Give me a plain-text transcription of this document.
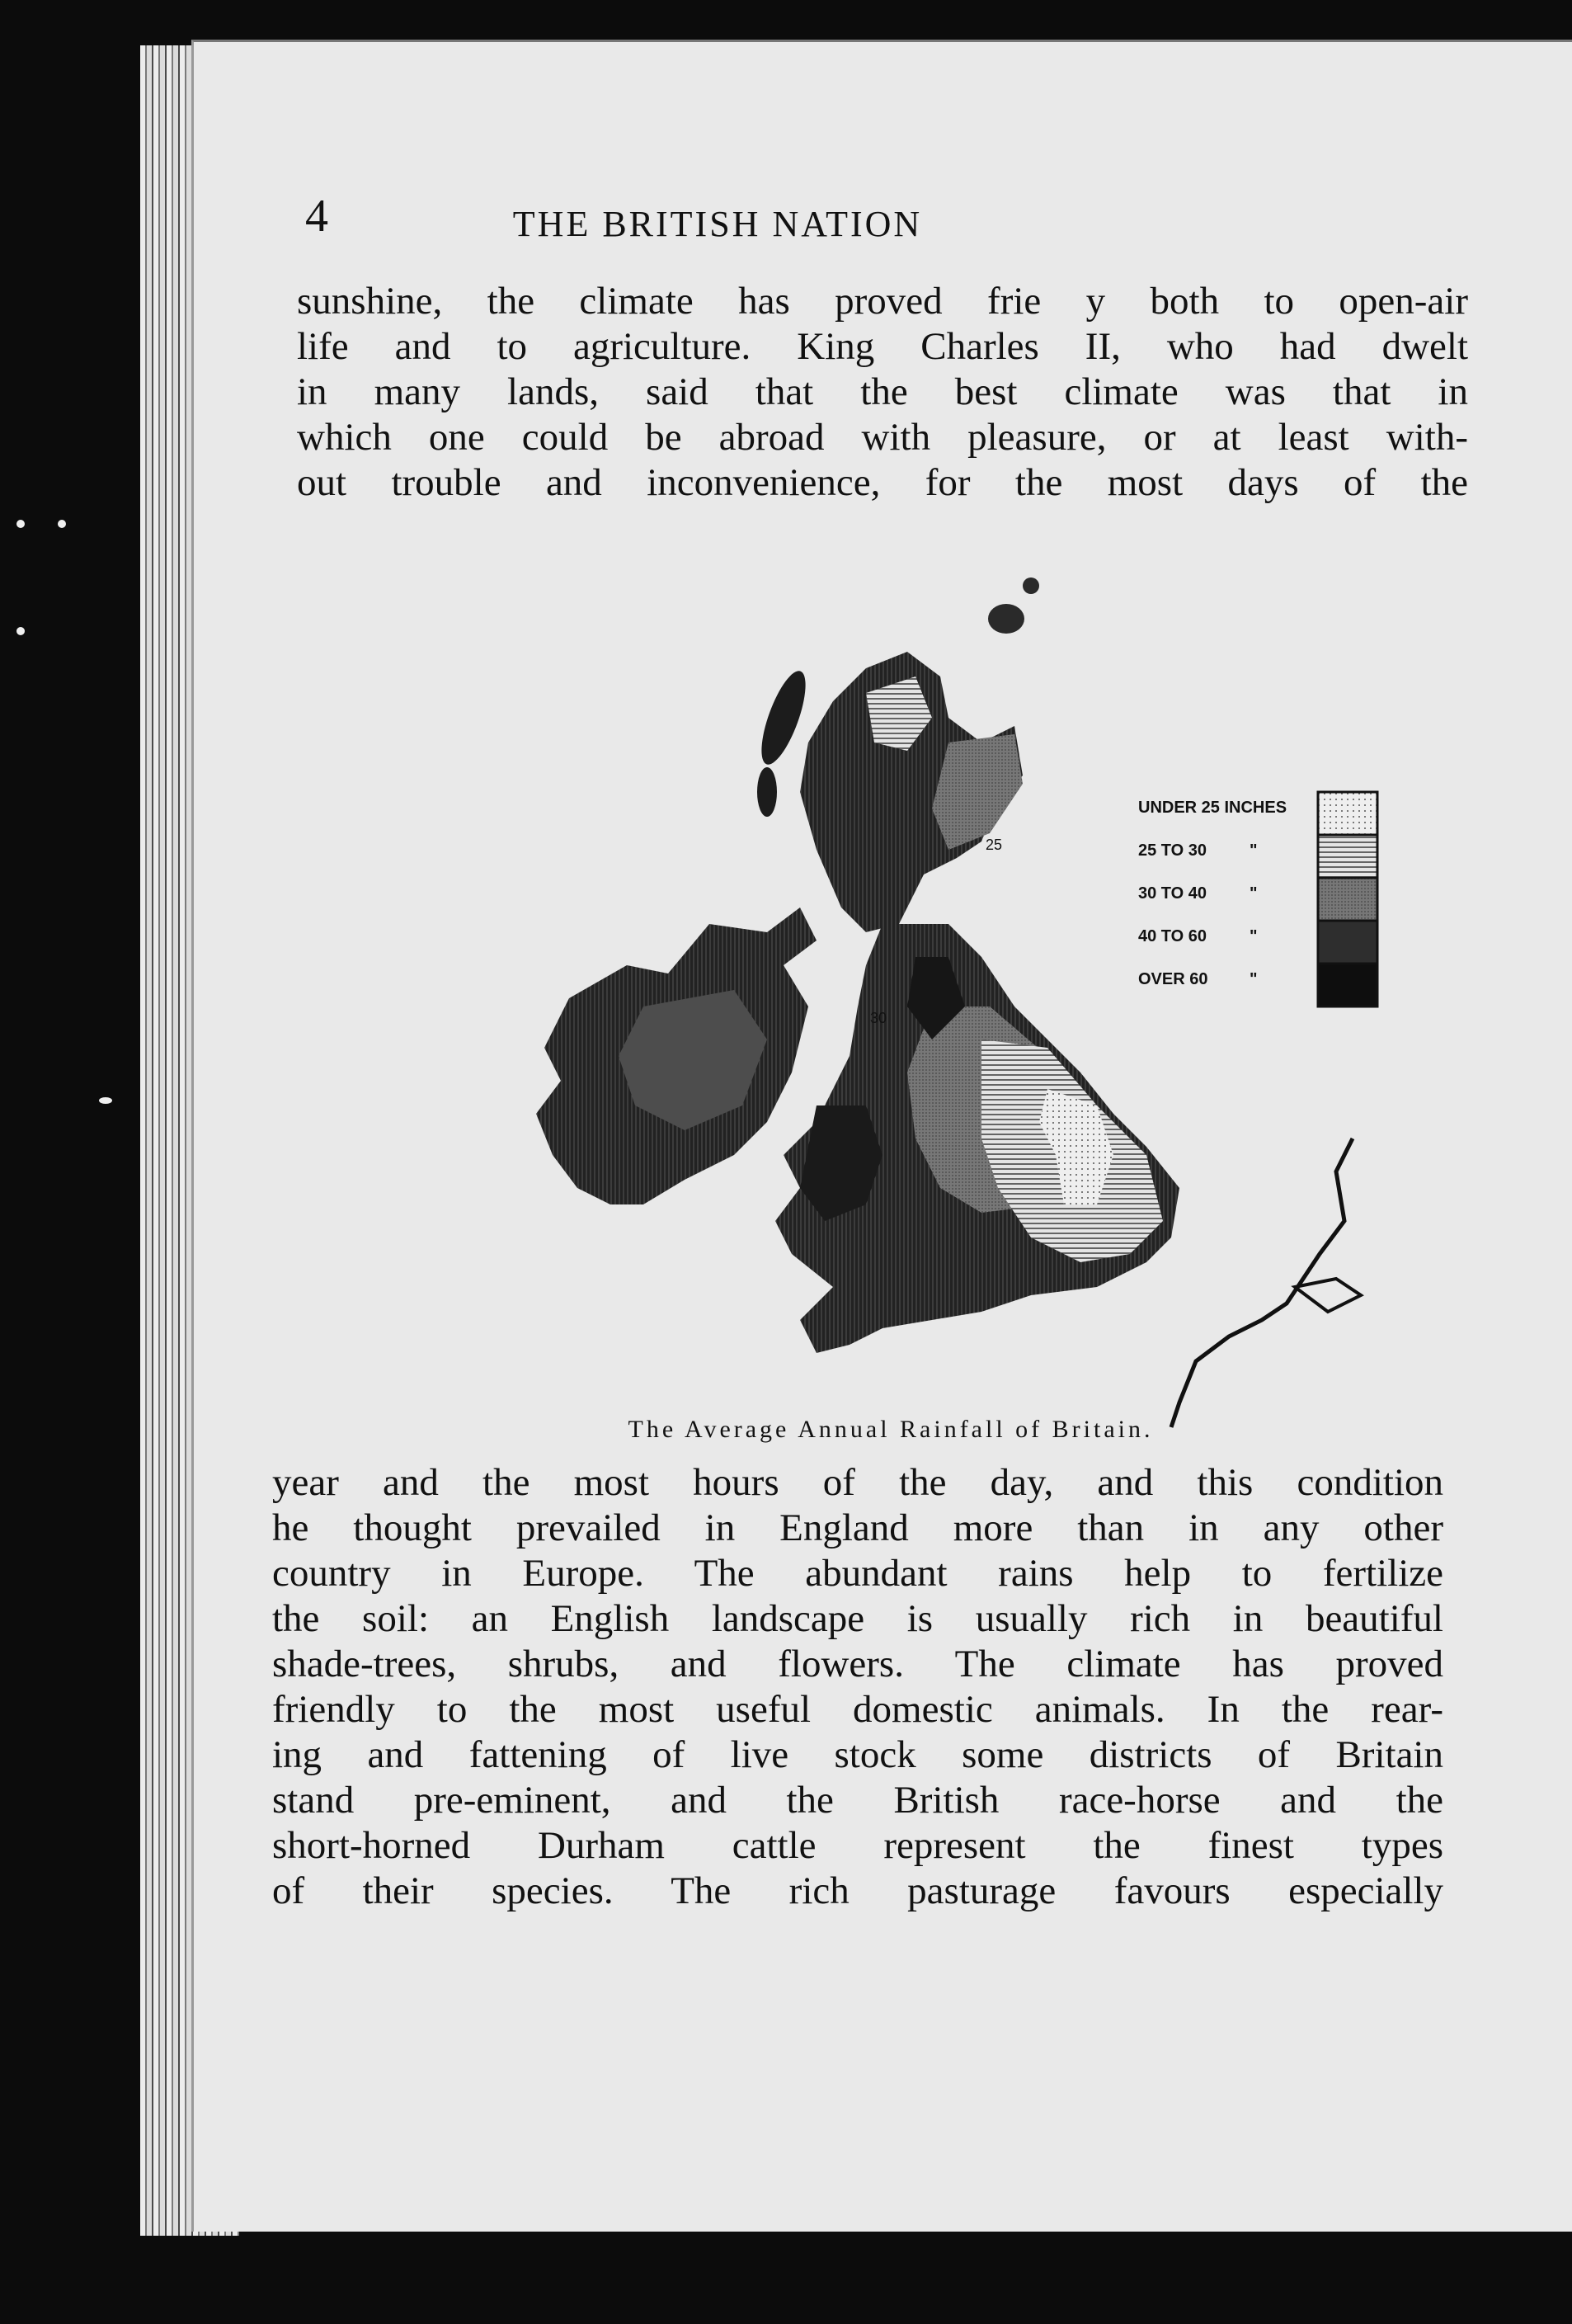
4	THE BRITISH NATION

sunshine, the climate has proved frie y both to open-air

life and to agriculture. King Charles II, who had dwelt

in many lands, said that the best climate was that in

which one could be abroad with pleasure, or at least with-

out trouble and inconvenience, for the most days of the

25
30
UNDER 25 INCHES
25 TO 30	"
30 TO 40	"
40 TO 60	"
OVER 60	"
The Average Annual Rainfall of Britain.

year and the most hours of the day, and this condition

he thought prevailed in England more than in any other

country in Europe. The abundant rains help to fertilize

the soil: an English landscape is usually rich in beautiful

shade-trees, shrubs, and flowers. The climate has proved

friendly to the most useful domestic animals. In the rear-

ing and fattening of live stock some districts of Britain

stand pre-eminent, and the British race-horse and the

short-horned Durham cattle represent the finest types

of their species. The rich pasturage favours especially
